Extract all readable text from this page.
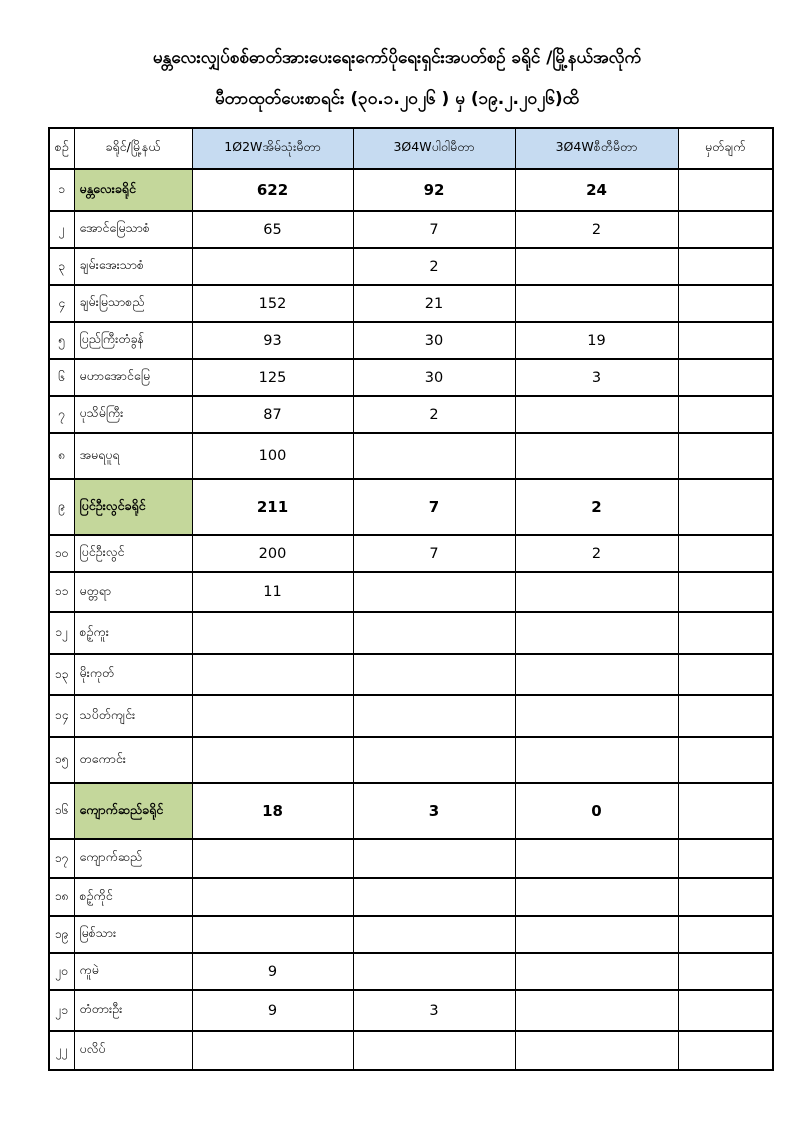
မန္တလေးလျှပ်စစ်ဓာတ်အားပေးရေးကော်ပိုရေးရှင်းအပတ်စဉ် ခရိုင် /မြို့နယ်အလိုက်
မီတာထုတ်ပေးစာရင်း (၃၀.၁.၂၀၂၆ ) မှ (၁၉.၂.၂၀၂၆)ထိ
စဉ်	ခရိုင်/မြို့နယ်	1Ø2Wအိမ်သုံးမီတာ	3Ø4Wပါဝါမီတာ	3Ø4Wစီတီမီတာ	မှတ်ချက်
၁	မန္တလေးခရိုင်	622	92	24	
၂	အောင်မြေသာစံ	65	7	2	
၃	ချမ်းအေးသာစံ		2		
၄	ချမ်းမြသာစည်	152	21		
၅	ပြည်ကြီးတံခွန်	93	30	19	
၆	မဟာအောင်မြေ	125	30	3	
၇	ပုသိမ်ကြီး	87	2		
၈	အမရပူရ	100			
၉	ပြင်ဦးလွင်ခရိုင်	211	7	2	
၁၀	ပြင်ဦးလွင်	200	7	2	
၁၁	မတ္တရာ	11			
၁၂	စဉ့်ကူး				
၁၃	မိုးကုတ်				
၁၄	သပိတ်ကျင်း				
၁၅	တကောင်း				
၁၆	ကျောက်ဆည်ခရိုင်	18	3	0	
၁၇	ကျောက်ဆည်				
၁၈	စဉ့်ကိုင်				
၁၉	မြစ်သား				
၂၀	ကူမဲ	9			
၂၁	တံတားဦး	9	3		
၂၂	ပလိပ်				
